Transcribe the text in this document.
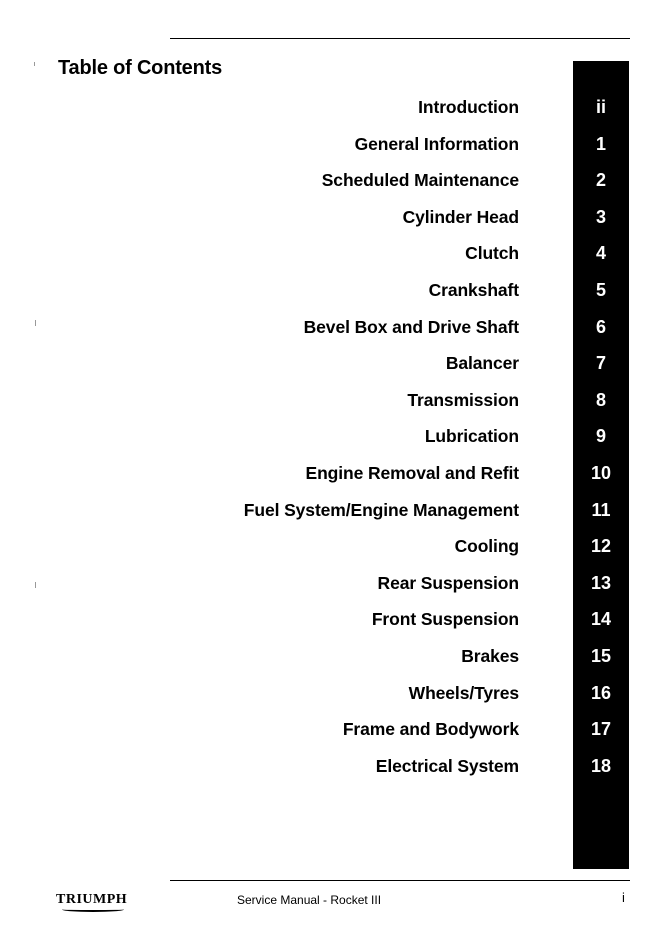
Table of Contents
Introduction	ii
General Information	1
Scheduled Maintenance	2
Cylinder Head	3
Clutch	4
Crankshaft	5
Bevel Box and Drive Shaft	6
Balancer	7
Transmission	8
Lubrication	9
Engine Removal and Refit	10
Fuel System/Engine Management	11
Cooling	12
Rear Suspension	13
Front Suspension	14
Brakes	15
Wheels/Tyres	16
Frame and Bodywork	17
Electrical System	18
TRIUMPH	Service Manual - Rocket III	i
